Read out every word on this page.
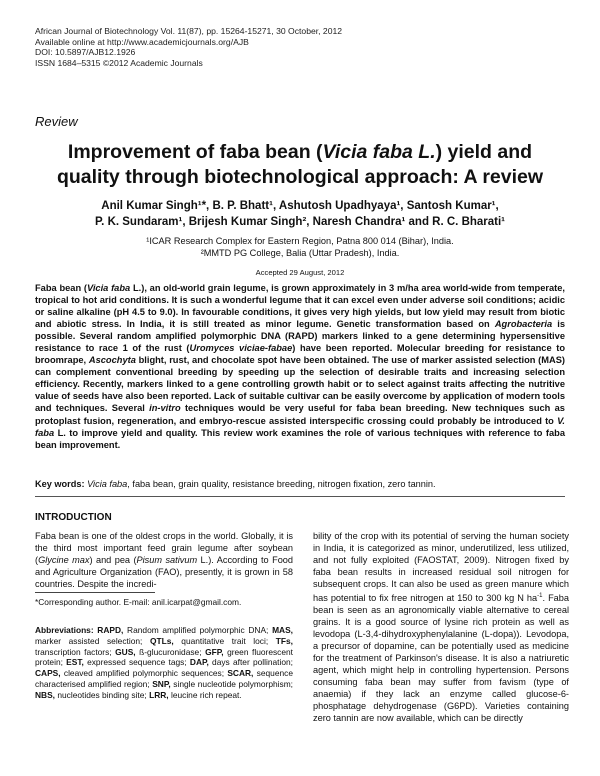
African Journal of Biotechnology Vol. 11(87), pp. 15264-15271, 30 October, 2012
Available online at http://www.academicjournals.org/AJB
DOI: 10.5897/AJB12.1926
ISSN 1684–5315 ©2012 Academic Journals
Review
Improvement of faba bean (Vicia faba L.) yield and quality through biotechnological approach: A review
Anil Kumar Singh¹*, B. P. Bhatt¹, Ashutosh Upadhyaya¹, Santosh Kumar¹,
P. K. Sundaram¹, Brijesh Kumar Singh², Naresh Chandra¹ and R. C. Bharati¹
¹ICAR Research Complex for Eastern Region, Patna 800 014 (Bihar), India.
²MMTD PG College, Balia (Uttar Pradesh), India.
Accepted 29 August, 2012
Faba bean (Vicia faba L.), an old-world grain legume, is grown approximately in 3 m/ha area world-wide from temperate, tropical to hot arid conditions. It is such a wonderful legume that it can excel even under adverse soil conditions; acidic or saline alkaline (pH 4.5 to 9.0). In favourable conditions, it gives very high yields, but low yield may result from biotic and abiotic stress. In India, it is still treated as minor legume. Genetic transformation based on Agrobacteria is possible. Several random amplified polymorphic DNA (RAPD) markers linked to a gene determining hypersensitive resistance to race 1 of the rust (Uromyces viciae-fabae) have been reported. Molecular breeding for resistance to broomrape, Ascochyta blight, rust, and chocolate spot have been obtained. The use of marker assisted selection (MAS) can complement conventional breeding by speeding up the selection of desirable traits and increasing selection efficiency. Recently, markers linked to a gene controlling growth habit or to select against traits affecting the nutritive value of seeds have also been reported. Lack of suitable cultivar can be easily overcome by application of modern tools and techniques. Several in-vitro techniques would be very useful for faba bean breeding. New techniques such as protoplast fusion, regeneration, and embryo-rescue assisted interspecific crossing could probably be introduced to V. faba L. to improve yield and quality. This review work examines the role of various techniques with reference to faba bean improvement.
Key words: Vicia faba, faba bean, grain quality, resistance breeding, nitrogen fixation, zero tannin.
INTRODUCTION

Faba bean is one of the oldest crops in the world. Globally, it is the third most important feed grain legume after soybean (Glycine max) and pea (Pisum sativum L.). According to Food and Agriculture Organization (FAO), presently, it is grown in 58 countries. Despite the incredi-

*Corresponding author. E-mail: anil.icarpat@gmail.com.
Abbreviations: RAPD, Random amplified polymorphic DNA; MAS, marker assisted selection; QTLs, quantitative trait loci; TFs, transcription factors; GUS, ß-glucuronidase; GFP, green fluorescent protein; EST, expressed sequence tags; DAP, days after pollination; CAPS, cleaved amplified polymorphic sequences; SCAR, sequence characterised amplified region; SNP, single nucleotide polymorphism; NBS, nucleotides binding site; LRR, leucine rich repeat.

bility of the crop with its potential of serving the human society in India, it is categorized as minor, underutilized, less utilized, and not fully exploited (FAOSTAT, 2009). Nitrogen fixed by faba bean results in increased residual soil nitrogen for subsequent crops. It can also be used as green manure which has potential to fix free nitrogen at 150 to 300 kg N $ha^{-1}$. Faba bean is seen as an agronomically viable alternative to cereal grains. It is a good source of lysine rich protein as well as levodopa (L-3,4-dihydroxyphenylalanine (L-dopa)). Levodopa, a precursor of dopamine, can be potentially used as medicine for the treatment of Parkinson's disease. It is also a natriuretic agent, which might help in controlling hypertension. Persons consuming faba bean may suffer from favism (type of anaemia) if they lack an enzyme called glucose-6-phosphatage dehydrogenase (G6PD). Varieties containing zero tannin are now available, which can be directly
